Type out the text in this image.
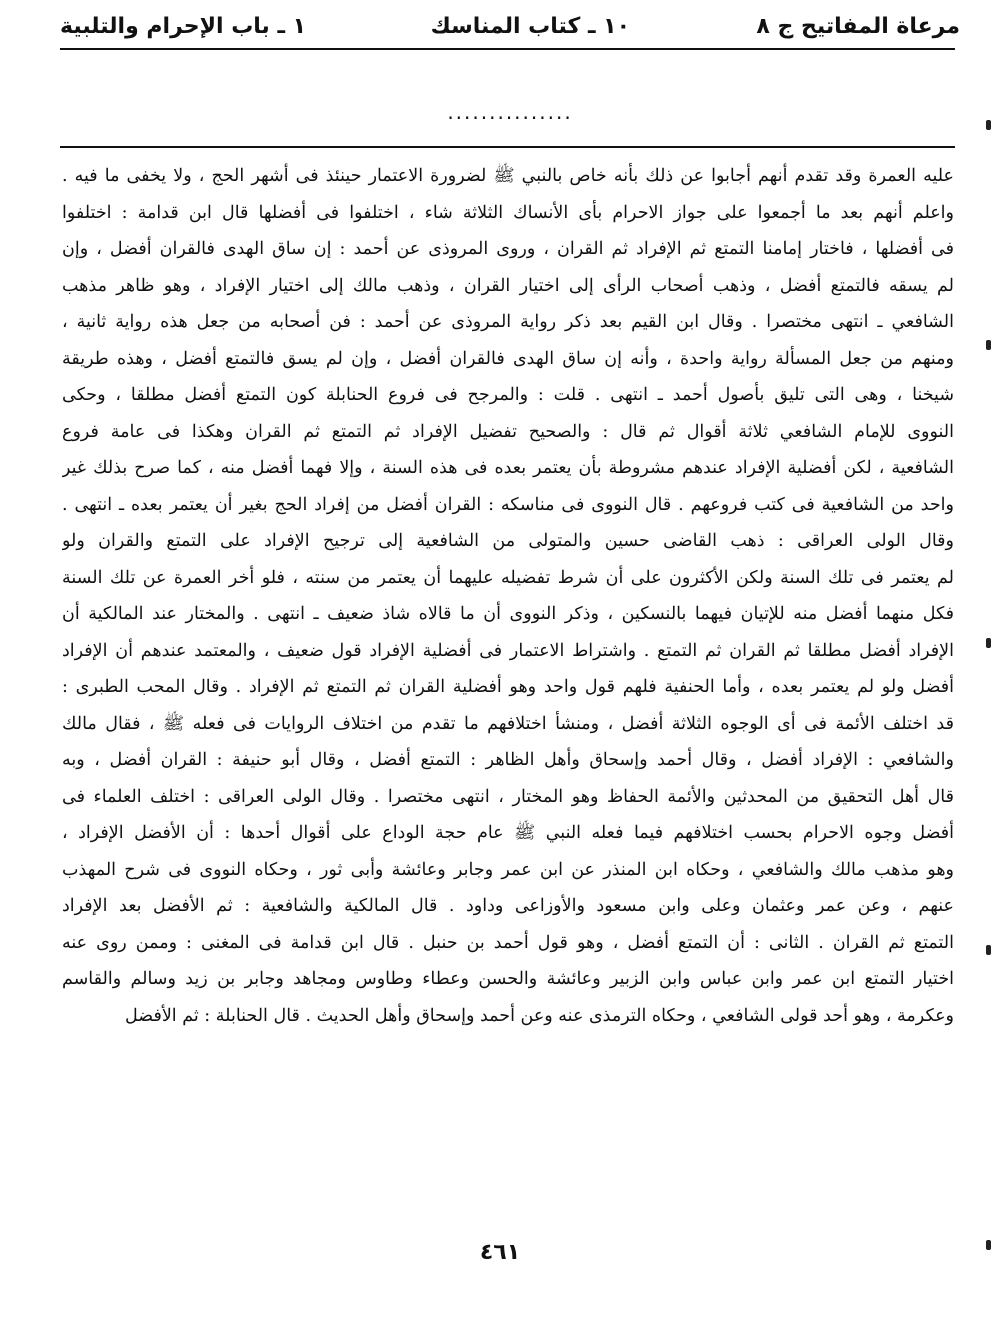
مرعاة المفاتيح ج ٨
١٠ ـ كتاب المناسك
١ ـ باب الإحرام والتلبية
...............
عليه العمرة وقد تقدم أنهم أجابوا عن ذلك بأنه خاص بالنبي ﷺ لضرورة الاعتمار حينئذ فى أشهر الحج ، ولا يخفى ما فيه .
واعلم أنهم بعد ما أجمعوا على جواز الاحرام بأى الأنساك الثلاثة شاء ، اختلفوا فى أفضلها قال ابن قدامة : اختلفوا
فى أفضلها ، فاختار إمامنا التمتع ثم الإفراد ثم القران ، وروى المروذى عن أحمد : إن ساق الهدى فالقران أفضل ، وإن
لم يسقه فالتمتع أفضل ، وذهب أصحاب الرأى إلى اختيار القران ، وذهب مالك إلى اختيار الإفراد ، وهو ظاهر مذهب
الشافعي ـ انتهى مختصرا . وقال ابن القيم بعد ذكر رواية المروذى عن أحمد : فن أصحابه من جعل هذه رواية ثانية ،
ومنهم من جعل المسألة رواية واحدة ، وأنه إن ساق الهدى فالقران أفضل ، وإن لم يسق فالتمتع أفضل ، وهذه طريقة
شيخنا ، وهى التى تليق بأصول أحمد ـ انتهى . قلت : والمرجح فى فروع الحنابلة كون التمتع أفضل مطلقا ، وحكى
النووى للإمام الشافعي ثلاثة أقوال ثم قال : والصحيح تفضيل الإفراد ثم التمتع ثم القران وهكذا فى عامة فروع
الشافعية ، لكن أفضلية الإفراد عندهم مشروطة بأن يعتمر بعده فى هذه السنة ، وإلا فهما أفضل منه ، كما صرح بذلك غير
واحد من الشافعية فى كتب فروعهم . قال النووى فى مناسكه : القران أفضل من إفراد الحج بغير أن يعتمر بعده ـ انتهى .
وقال الولى العراقى : ذهب القاضى حسين والمتولى من الشافعية إلى ترجيح الإفراد على التمتع والقران ولو
لم يعتمر فى تلك السنة ولكن الأكثرون على أن شرط تفضيله عليهما أن يعتمر من سنته ، فلو أخر العمرة عن تلك السنة
فكل منهما أفضل منه للإتيان فيهما بالنسكين ، وذكر النووى أن ما قالاه شاذ ضعيف ـ انتهى . والمختار عند المالكية أن
الإفراد أفضل مطلقا ثم القران ثم التمتع . واشتراط الاعتمار فى أفضلية الإفراد قول ضعيف ، والمعتمد عندهم أن الإفراد
أفضل ولو لم يعتمر بعده ، وأما الحنفية فلهم قول واحد وهو أفضلية القران ثم التمتع ثم الإفراد . وقال المحب الطبرى :
قد اختلف الأئمة فى أى الوجوه الثلاثة أفضل ، ومنشأ اختلافهم ما تقدم من اختلاف الروايات فى فعله ﷺ ، فقال مالك
والشافعي : الإفراد أفضل ، وقال أحمد وإسحاق وأهل الظاهر : التمتع أفضل ، وقال أبو حنيفة : القران أفضل ، وبه
قال أهل التحقيق من المحدثين والأئمة الحفاظ وهو المختار ، انتهى مختصرا . وقال الولى العراقى : اختلف العلماء فى
أفضل وجوه الاحرام بحسب اختلافهم فيما فعله النبي ﷺ عام حجة الوداع على أقوال أحدها : أن الأفضل الإفراد ،
وهو مذهب مالك والشافعي ، وحكاه ابن المنذر عن ابن عمر وجابر وعائشة وأبى ثور ، وحكاه النووى فى شرح المهذب
عنهم ، وعن عمر وعثمان وعلى وابن مسعود والأوزاعى وداود . قال المالكية والشافعية : ثم الأفضل بعد الإفراد
التمتع ثم القران . الثانى : أن التمتع أفضل ، وهو قول أحمد بن حنبل . قال ابن قدامة فى المغنى : وممن روى عنه
اختيار التمتع ابن عمر وابن عباس وابن الزبير وعائشة والحسن وعطاء وطاوس ومجاهد وجابر بن زيد وسالم والقاسم
وعكرمة ، وهو أحد قولى الشافعي ، وحكاه الترمذى عنه وعن أحمد وإسحاق وأهل الحديث . قال الحنابلة : ثم الأفضل
٤٦١
